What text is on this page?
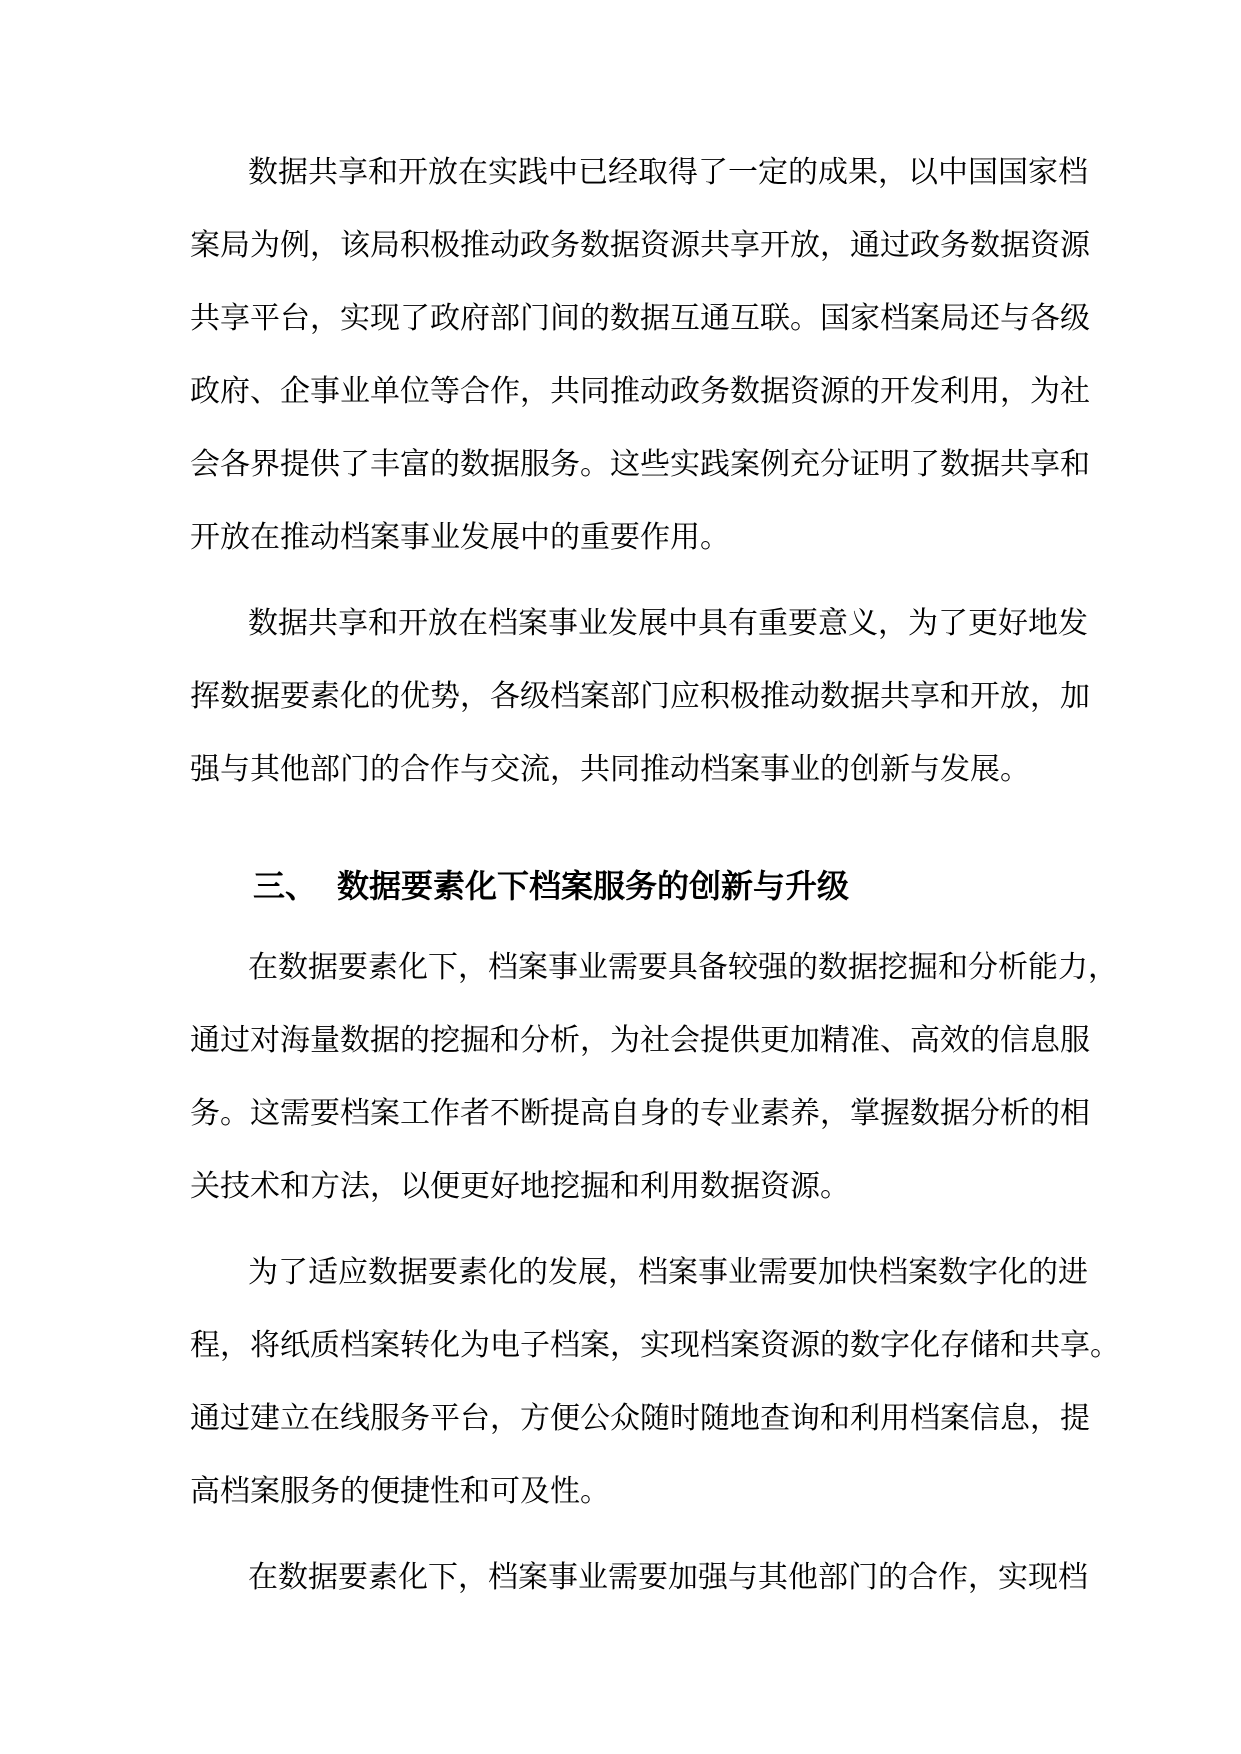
数据共享和开放在实践中已经取得了一定的成果，以中国国家档
案局为例，该局积极推动政务数据资源共享开放，通过政务数据资源
共享平台，实现了政府部门间的数据互通互联。国家档案局还与各级
政府、企事业单位等合作，共同推动政务数据资源的开发利用，为社
会各界提供了丰富的数据服务。这些实践案例充分证明了数据共享和
开放在推动档案事业发展中的重要作用。
数据共享和开放在档案事业发展中具有重要意义，为了更好地发
挥数据要素化的优势，各级档案部门应积极推动数据共享和开放，加
强与其他部门的合作与交流，共同推动档案事业的创新与发展。
三、 数据要素化下档案服务的创新与升级
在数据要素化下，档案事业需要具备较强的数据挖掘和分析能力，
通过对海量数据的挖掘和分析，为社会提供更加精准、高效的信息服
务。这需要档案工作者不断提高自身的专业素养，掌握数据分析的相
关技术和方法，以便更好地挖掘和利用数据资源。
为了适应数据要素化的发展，档案事业需要加快档案数字化的进
程，将纸质档案转化为电子档案，实现档案资源的数字化存储和共享。
通过建立在线服务平台，方便公众随时随地查询和利用档案信息，提
高档案服务的便捷性和可及性。
在数据要素化下，档案事业需要加强与其他部门的合作，实现档
